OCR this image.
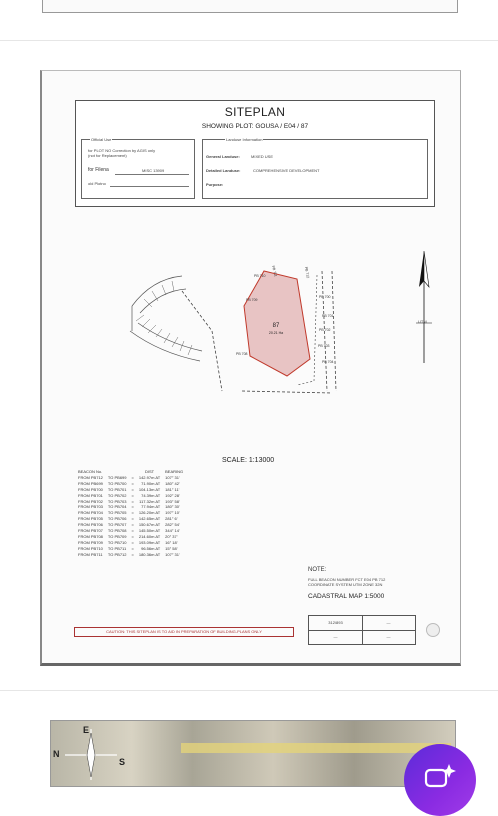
SITEPLAN
SHOWING PLOT: GOUSA / E04 / 87
Official Use
for PLOT NO Correction by AGIS only
(not for Replacement)
for Filena	MISC 13909
old Plotno
Landuse Information
General Landuse:	MIXED USE
Detailed Landuse:	COMPREHENSIVE DEVELOPMENT
Purpose:
87
20.21 Ha
PB 711	PB 712
PB 710
PB 709
PB 708
PB 700
PB 701
PB 702
PB 703
PB 704
UTM
SCALE: 1:13000
BEACON No.			DIST	BEARING
FROM PB712	TO PB699	=	142.97m AT	107° 31'
FROM PB699	TO PB700	=	71.90m AT	180° 42'
FROM PB700	TO PB701	=	104.13m AT	181° 11'
FROM PB701	TO PB702	=	74.39m AT	192° 28'
FROM PB702	TO PB703	=	117.32m AT	193° 58'
FROM PB703	TO PB704	=	77.94m AT	180° 30'
FROM PB704	TO PB705	=	126.20m AT	197° 10'
FROM PB705	TO PB706	=	142.65m AT	281° 6'
FROM PB706	TO PB707	=	150.67m AT	282° 54'
FROM PB707	TO PB708	=	145.50m AT	344° 14'
FROM PB708	TO PB709	=	214.60m AT	20° 37'
FROM PB709	TO PB710	=	193.09m AT	16° 18'
FROM PB710	TO PB711	=	96.56m AT	15° 58'
FROM PB711	TO PB712	=	180.36m AT	107° 31'
NOTE:
FULL BEACON NUMBER FCT E04 PB 712
COORDINATE SYSTEM UTM ZONE 32N
CADASTRAL MAP 1:5000
312/893	—
—	—
CAUTION: THIS SITEPLAN IS TO AID IN PREPARATION OF BUILDING-PLANS ONLY
N
S
E
